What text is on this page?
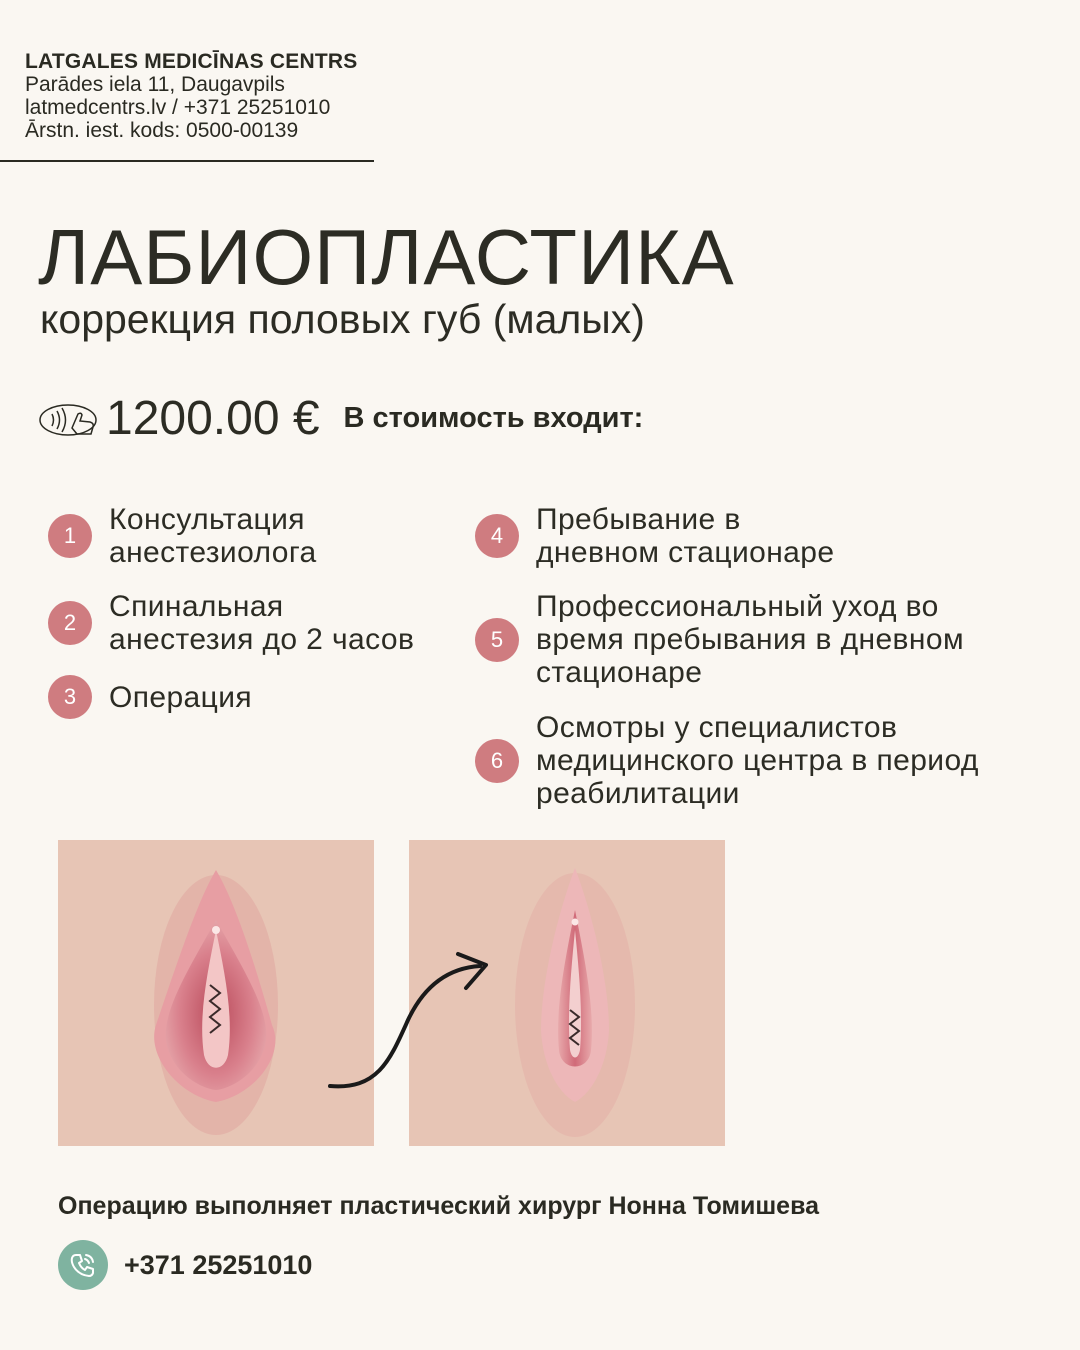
LATGALES MEDICĪNAS CENTRS
Parādes iela 11, Daugavpils
latmedcentrs.lv / +371 25251010
Ārstn. iest. kods: 0500-00139
ЛАБИОПЛАСТИКА
коррекция половых губ (малых)
1200.00 € В стоимость входит:
1	Консультация
анестезиолога
2	Спинальная
анестезия до 2 часов
3	Операция
4	Пребывание в
дневном стационаре
5
Профессиональный уход во
время пребывания в дневном
стационаре
6
Осмотры у специалистов
медицинского центра в период
реабилитации
Операцию выполняет пластический хирург Нонна Томишева
+371 25251010
